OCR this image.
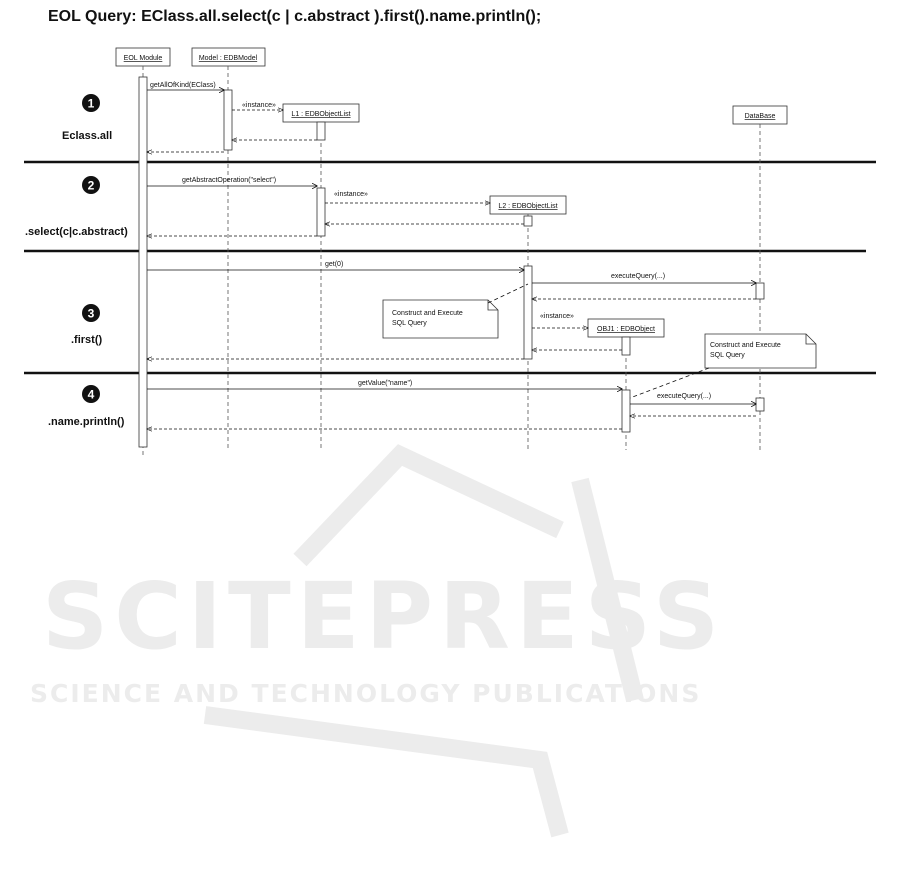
EOL Query: EClass.all.select(c | c.abstract ).first().name.println();
SCITEPRESS
SCIENCE AND TECHNOLOGY PUBLICATIONS
EOL Module	Model : EDBModel
L1 : EDBObjectList
L2 : EDBObjectList
OBJ1 : EDBObject
DataBase
getAllOfKind(EClass)
«instance»
getAbstractOperation("select")
«instance»
get(0)
executeQuery(...)
«instance»
Construct and Execute
SQL Query
getValue("name")
executeQuery(...)
Construct and Execute
SQL Query
1
Eclass.all
2
.select(c|c.abstract)
3
.first()
4
.name.println()
